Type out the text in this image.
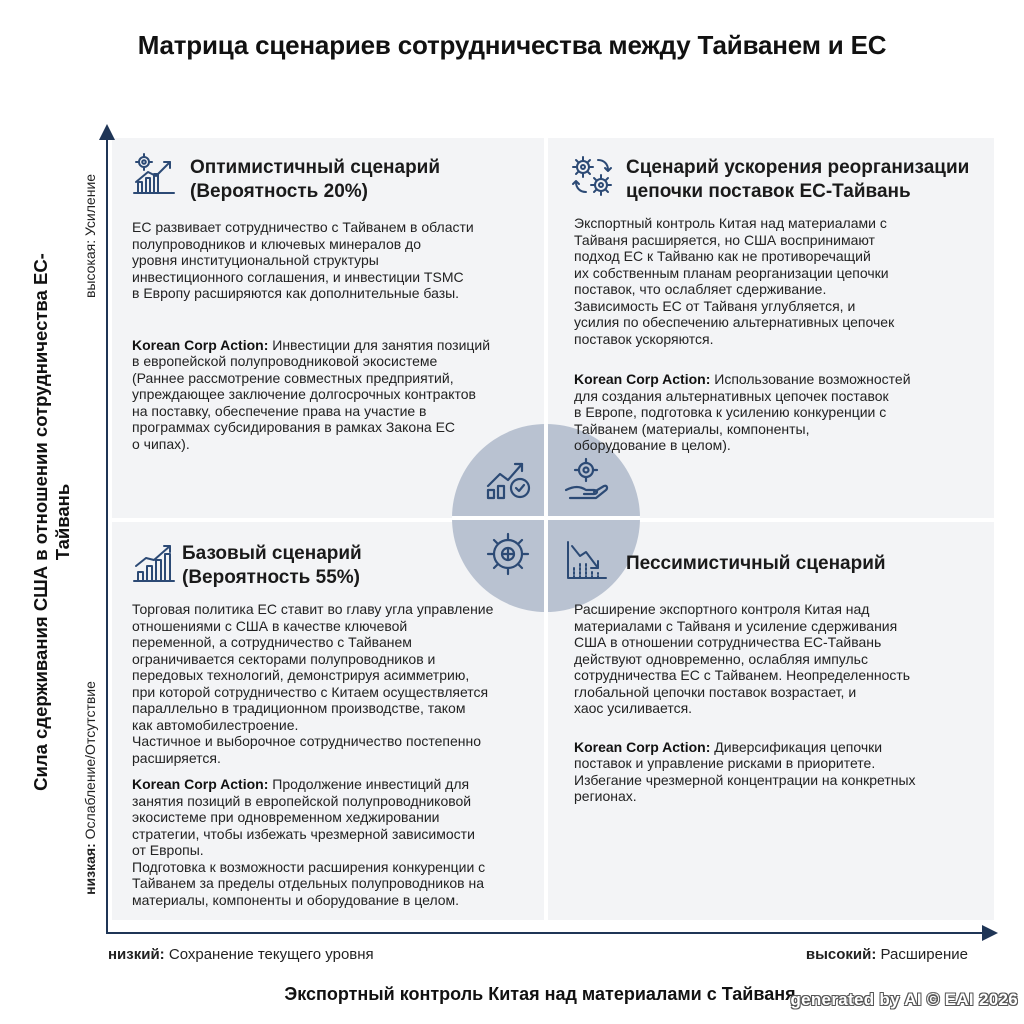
Матрица сценариев сотрудничества между Тайванем и ЕС
Сила сдерживания США в отношении сотрудничества ЕС-Тайвань
высокая: Усиление
низкая: Ослабление/Отсутствие
низкий: Сохранение текущего уровня	высокий: Расширение
Экспортный контроль Китая над материалами с Тайваня
Оптимистичный сценарий
(Вероятность 20%)

ЕС развивает сотрудничество с Тайванем в области
полупроводников и ключевых минералов до
уровня институциональной структуры
инвестиционного соглашения, и инвестиции TSMC
в Европу расширяются как дополнительные базы.

Korean Corp Action: Инвестиции для занятия позиций
в европейской полупроводниковой экосистеме
(Раннее рассмотрение совместных предприятий,
упреждающее заключение долгосрочных контрактов
на поставку, обеспечение права на участие в
программах субсидирования в рамках Закона ЕС
о чипах).

Сценарий ускорения реорганизации
цепочки поставок ЕС-Тайвань

Экспортный контроль Китая над материалами с
Тайваня расширяется, но США воспринимают
подход ЕС к Тайваню как не противоречащий
их собственным планам реорганизации цепочки
поставок, что ослабляет сдерживание.
Зависимость ЕС от Тайваня углубляется, и
усилия по обеспечению альтернативных цепочек
поставок ускоряются.

Korean Corp Action: Использование возможностей
для создания альтернативных цепочек поставок
в Европе, подготовка к усилению конкуренции с
Тайванем (материалы, компоненты,
оборудование в целом).

Базовый сценарий
(Вероятность 55%)

Торговая политика ЕС ставит во главу угла управление
отношениями с США в качестве ключевой
переменной, а сотрудничество с Тайванем
ограничивается секторами полупроводников и
передовых технологий, демонстрируя асимметрию,
при которой сотрудничество с Китаем осуществляется
параллельно в традиционном производстве, таком
как автомобилестроение.
Частичное и выборочное сотрудничество постепенно
расширяется.

Korean Corp Action: Продолжение инвестиций для
занятия позиций в европейской полупроводниковой
экосистеме при одновременном хеджировании
стратегии, чтобы избежать чрезмерной зависимости
от Европы.
Подготовка к возможности расширения конкуренции с
Тайванем за пределы отдельных полупроводников на
материалы, компоненты и оборудование в целом.

Пессимистичный сценарий

Расширение экспортного контроля Китая над
материалами с Тайваня и усиление сдерживания
США в отношении сотрудничества ЕС-Тайвань
действуют одновременно, ослабляя импульс
сотрудничества ЕС с Тайванем. Неопределенность
глобальной цепочки поставок возрастает, и
хаос усиливается.

Korean Corp Action: Диверсификация цепочки
поставок и управление рисками в приоритете.
Избегание чрезмерной концентрации на конкретных
регионах.

generated by AI © EAI 2026
